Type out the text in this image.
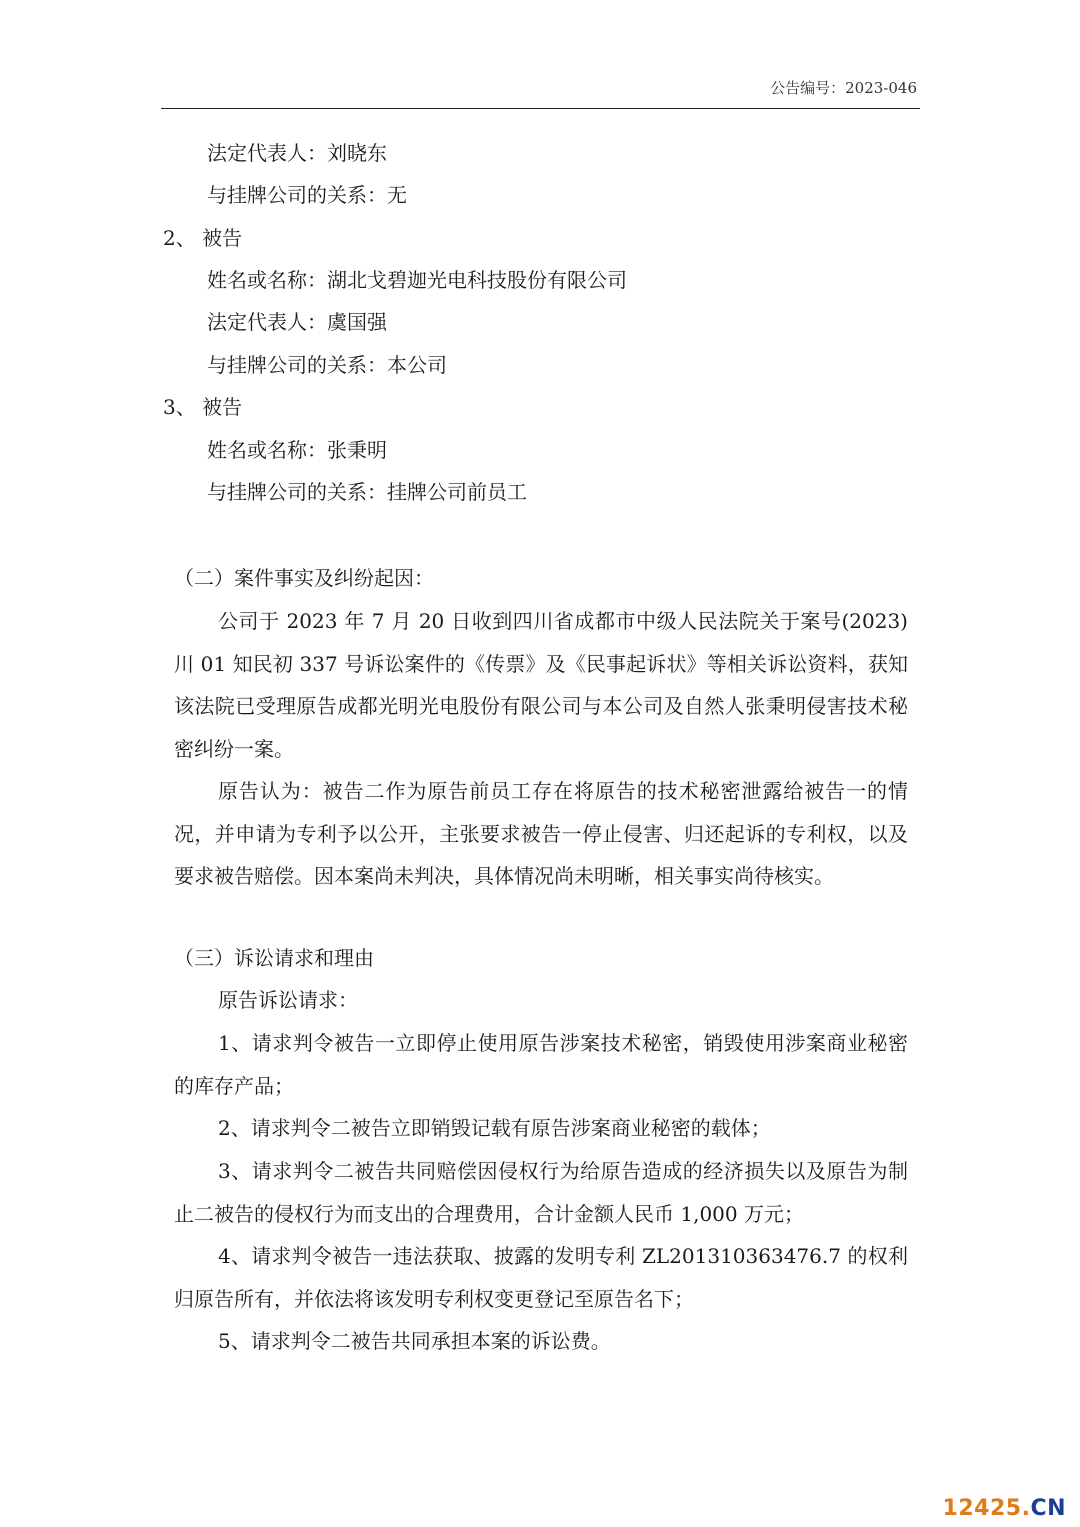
公告编号：2023-046
法定代表人：刘晓东
与挂牌公司的关系：无
2、 被告
姓名或名称：湖北戈碧迦光电科技股份有限公司
法定代表人：虞国强
与挂牌公司的关系：本公司
3、 被告
姓名或名称：张秉明
与挂牌公司的关系：挂牌公司前员工
（二）案件事实及纠纷起因：
公司于 2023 年 7 月 20 日收到四川省成都市中级人民法院关于案号(2023)川 01 知民初 337 号诉讼案件的《传票》及《民事起诉状》等相关诉讼资料，获知该法院已受理原告成都光明光电股份有限公司与本公司及自然人张秉明侵害技术秘密纠纷一案。
原告认为：被告二作为原告前员工存在将原告的技术秘密泄露给被告一的情况，并申请为专利予以公开，主张要求被告一停止侵害、归还起诉的专利权，以及要求被告赔偿。因本案尚未判决，具体情况尚未明晰，相关事实尚待核实。
（三）诉讼请求和理由
原告诉讼请求：
1、请求判令被告一立即停止使用原告涉案技术秘密，销毁使用涉案商业秘密的库存产品；
2、请求判令二被告立即销毁记载有原告涉案商业秘密的载体；
3、请求判令二被告共同赔偿因侵权行为给原告造成的经济损失以及原告为制止二被告的侵权行为而支出的合理费用，合计金额人民币 1,000 万元；
4、请求判令被告一违法获取、披露的发明专利 ZL201310363476.7 的权利归原告所有，并依法将该发明专利权变更登记至原告名下；
5、请求判令二被告共同承担本案的诉讼费。
12425.CN
